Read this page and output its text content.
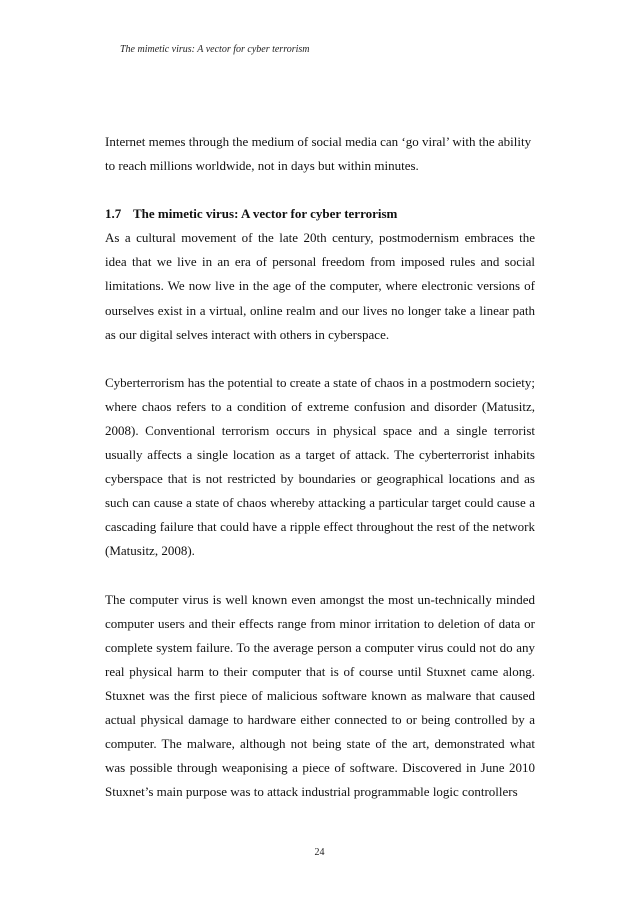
The mimetic virus: A vector for cyber terrorism

Internet memes through the medium of social media can ‘go viral’ with the ability to reach millions worldwide, not in days but within minutes.

1.7 The mimetic virus: A vector for cyber terrorism

As a cultural movement of the late 20th century, postmodernism embraces the idea that we live in an era of personal freedom from imposed rules and social limitations. We now live in the age of the computer, where electronic versions of ourselves exist in a virtual, online realm and our lives no longer take a linear path as our digital selves interact with others in cyberspace.

Cyberterrorism has the potential to create a state of chaos in a postmodern society; where chaos refers to a condition of extreme confusion and disorder (Matusitz, 2008). Conventional terrorism occurs in physical space and a single terrorist usually affects a single location as a target of attack. The cyberterrorist inhabits cyberspace that is not restricted by boundaries or geographical locations and as such can cause a state of chaos whereby attacking a particular target could cause a cascading failure that could have a ripple effect throughout the rest of the network (Matusitz, 2008).

The computer virus is well known even amongst the most un-technically minded computer users and their effects range from minor irritation to deletion of data or complete system failure. To the average person a computer virus could not do any real physical harm to their computer that is of course until Stuxnet came along. Stuxnet was the first piece of malicious software known as malware that caused actual physical damage to hardware either connected to or being controlled by a computer. The malware, although not being state of the art, demonstrated what was possible through weaponising a piece of software. Discovered in June 2010 Stuxnet’s main purpose was to attack industrial programmable logic controllers

24
